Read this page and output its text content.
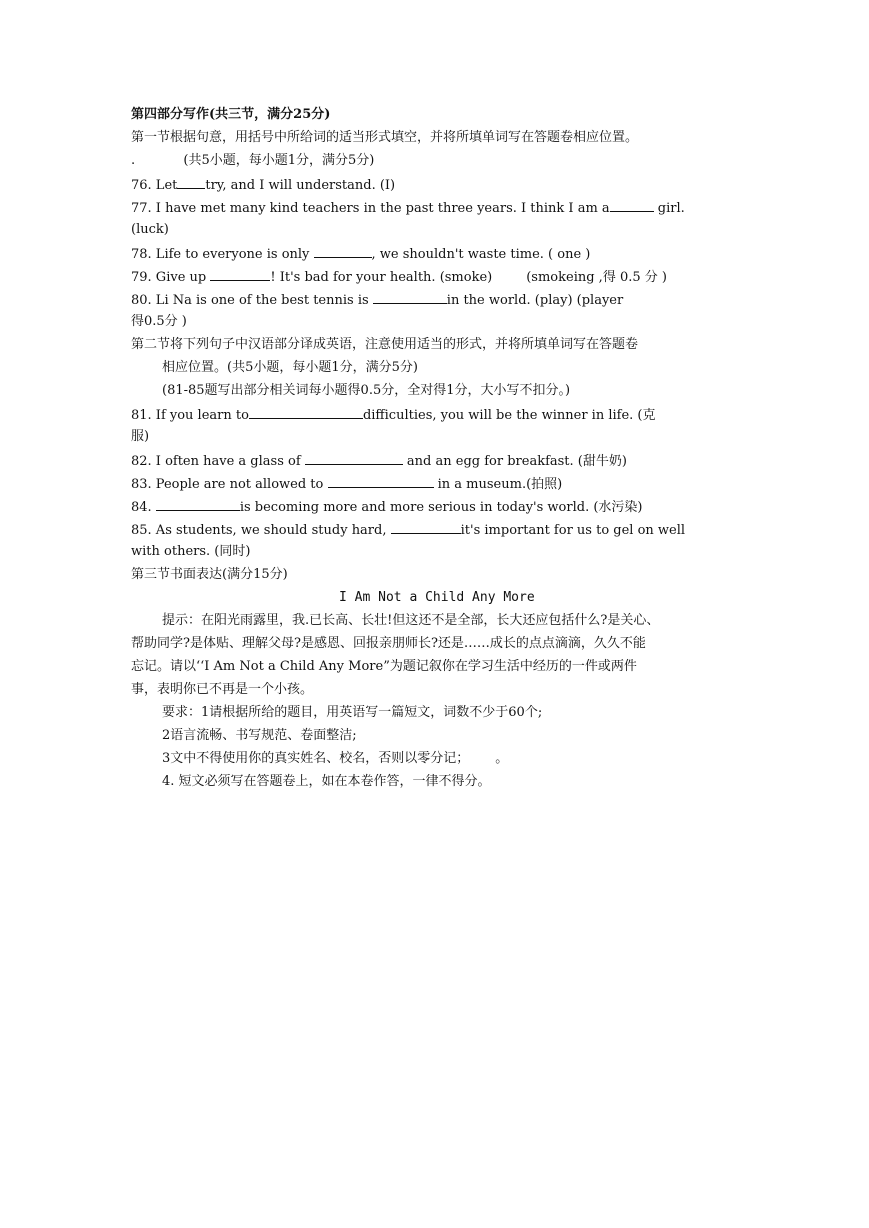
第四部分写作(共三节，满分25分)
第一节根据句意，用括号中所给词的适当形式填空，并将所填单词写在答题卷相应位置。
.	(共5小题，每小题1分，满分5分)
76. Let try, and I will understand. (I)
77. I have met many kind teachers in the past three years. I think I am a	girl.
(luck)
78. Life to everyone is only	, we shouldn't waste time. ( one )
79. Give up	! It's bad for your health. (smoke)	(smokeing ,得 0.5 分 )
80. Li Na is one of the best tennis is	in the world. (play) (player
得0.5分 )
第二节将下列句子中汉语部分译成英语，注意使用适当的形式，并将所填单词写在答题卷
相应位置。(共5小题，每小题1分，满分5分)
(81-85题写出部分相关词每小题得0.5分，全对得1分，大小写不扣分。)
81. If you learn to	difficulties, you will be the winner in life. (克
服)
82. I often have a glass of	and an egg for breakfast. (甜牛奶)
83. People are not allowed to	in a museum.(拍照)
84.	is becoming more and more serious in today's world. (水污染)
85. As students, we should study hard,	it's important for us to gel on well
with others. (同时)
第三节书面表达(满分15分)
I Am Not a Child Any More
提示：在阳光雨露里，我.已长高、长壮!但这还不是全部，长大还应包括什么?是关心、
帮助同学?是体贴、理解父母?是感恩、回报亲朋师长?还是……成长的点点滴滴，久久不能
忘记。请以‘‘I Am Not a Child Any More”为题记叙你在学习生活中经历的一件或两件
事，表明你已不再是一个小孩。
要求：1请根据所给的题目，用英语写一篇短文，词数不少于60个;
2语言流畅、书写规范、卷面整洁;
3文中不得使用你的真实姓名、校名，否则以零分记； 。
4. 短文必须写在答题卷上，如在本卷作答，一律不得分。
